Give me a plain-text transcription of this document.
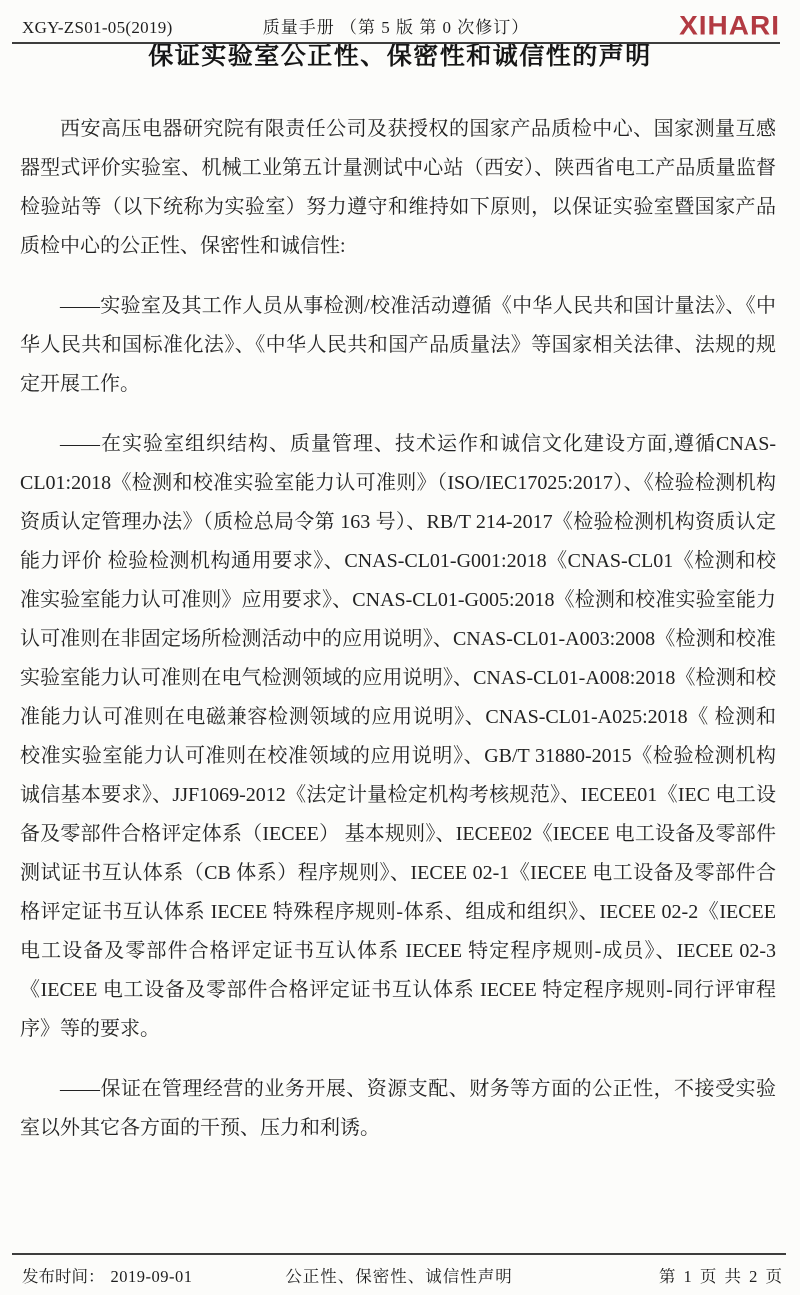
XGY-ZS01-05(2019)	质量手册 （第 5 版 第 0 次修订）	XIHARI
保证实验室公正性、保密性和诚信性的声明

西安高压电器研究院有限责任公司及获授权的国家产品质检中心、国家测量互感器型式评价实验室、机械工业第五计量测试中心站（西安）、陕西省电工产品质量监督检验站等（以下统称为实验室）努力遵守和维持如下原则，以保证实验室暨国家产品质检中心的公正性、保密性和诚信性:

——实验室及其工作人员从事检测/校准活动遵循《中华人民共和国计量法》、《中华人民共和国标准化法》、《中华人民共和国产品质量法》等国家相关法律、法规的规定开展工作。

——在实验室组织结构、质量管理、技术运作和诚信文化建设方面,遵循CNAS-CL01:2018《检测和校准实验室能力认可准则》（ISO/IEC17025:2017）、《检验检测机构资质认定管理办法》（质检总局令第 163 号）、RB/T 214-2017《检验检测机构资质认定能力评价 检验检测机构通用要求》、CNAS-CL01-G001:2018《CNAS-CL01《检测和校准实验室能力认可准则》应用要求》、CNAS-CL01-G005:2018《检测和校准实验室能力认可准则在非固定场所检测活动中的应用说明》、CNAS-CL01-A003:2008《检测和校准实验室能力认可准则在电气检测领域的应用说明》、CNAS-CL01-A008:2018《检测和校准能力认可准则在电磁兼容检测领域的应用说明》、CNAS-CL01-A025:2018《 检测和校准实验室能力认可准则在校准领域的应用说明》、GB/T 31880-2015《检验检测机构诚信基本要求》、JJF1069-2012《法定计量检定机构考核规范》、IECEE01《IEC 电工设备及零部件合格评定体系（IECEE） 基本规则》、IECEE02《IECEE 电工设备及零部件测试证书互认体系（CB 体系）程序规则》、IECEE 02-1《IECEE 电工设备及零部件合格评定证书互认体系 IECEE 特殊程序规则-体系、组成和组织》、IECEE 02-2《IECEE 电工设备及零部件合格评定证书互认体系 IECEE 特定程序规则-成员》、IECEE 02-3《IECEE 电工设备及零部件合格评定证书互认体系 IECEE 特定程序规则-同行评审程序》等的要求。

——保证在管理经营的业务开展、资源支配、财务等方面的公正性，不接受实验室以外其它各方面的干预、压力和利诱。

发布时间： 2019-09-01	公正性、保密性、诚信性声明	第 1 页 共 2 页
